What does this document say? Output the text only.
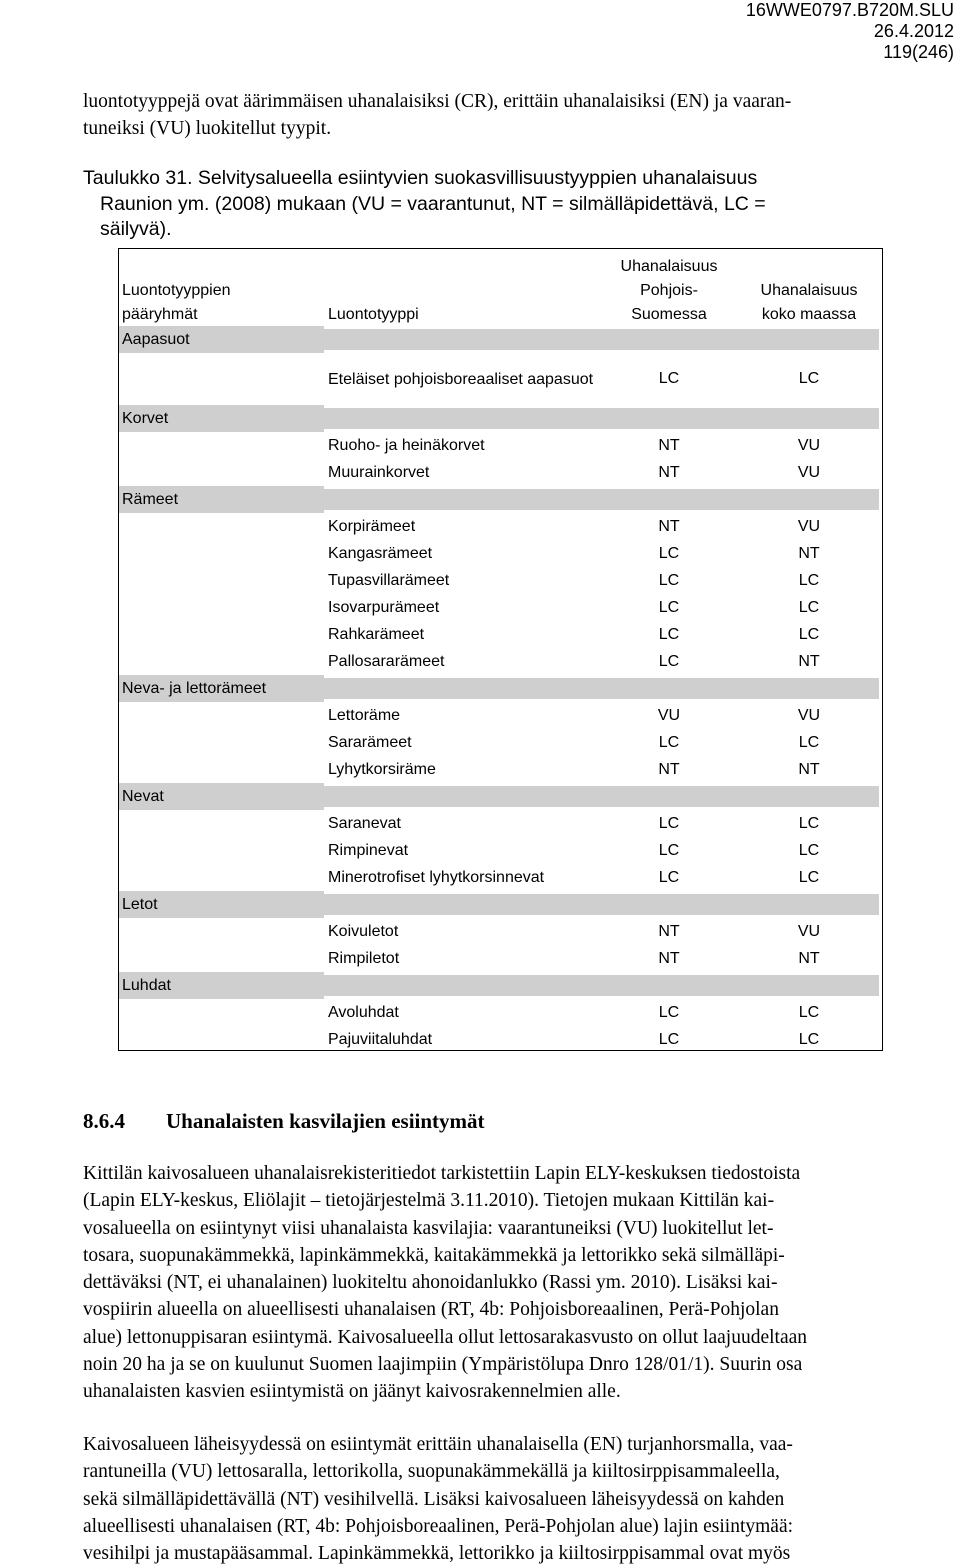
16WWE0797.B720M.SLU
26.4.2012
119(246)
luontotyyppejä ovat äärimmäisen uhanalaisiksi (CR), erittäin uhanalaisiksi (EN) ja vaaran-
tuneiksi (VU) luokitellut tyypit.
Taulukko 31. Selvitysalueella esiintyvien suokasvillisuustyyppien uhanalaisuus
Raunion ym. (2008) mukaan (VU = vaarantunut, NT = silmälläpidettävä, LC =
säilyvä).
Luontotyyppien
pääryhmät	Luontotyyppi
Uhanalaisuus
Pohjois-
Suomessa
Uhanalaisuus
koko maassa
Aapasuot
Eteläiset pohjoisboreaaliset aapasuot	LC	LC
Korvet
Ruoho- ja heinäkorvet	NT	VU
Muurainkorvet	NT	VU
Rämeet
Korpirämeet	NT	VU
Kangasrämeet	LC	NT
Tupasvillarämeet	LC	LC
Isovarpurämeet	LC	LC
Rahkarämeet	LC	LC
Pallosararämeet	LC	NT
Neva- ja lettorämeet
Lettoräme	VU	VU
Sararämeet	LC	LC
Lyhytkorsiräme	NT	NT
Nevat
Saranevat	LC	LC
Rimpinevat	LC	LC
Minerotrofiset lyhytkorsinnevat	LC	LC
Letot
Koivuletot	NT	VU
Rimpiletot	NT	NT
Luhdat
Avoluhdat	LC	LC
Pajuviitaluhdat	LC	LC
8.6.4 Uhanalaisten kasvilajien esiintymät
Kittilän kaivosalueen uhanalaisrekisteritiedot tarkistettiin Lapin ELY-keskuksen tiedostoista
(Lapin ELY-keskus, Eliölajit – tietojärjestelmä 3.11.2010). Tietojen mukaan Kittilän kai-
vosalueella on esiintynyt viisi uhanalaista kasvilajia: vaarantuneiksi (VU) luokitellut let-
tosara, suopunakämmekkä, lapinkämmekkä, kaitakämmekkä ja lettorikko sekä silmälläpi-
dettäväksi (NT, ei uhanalainen) luokiteltu ahonoidanlukko (Rassi ym. 2010). Lisäksi kai-
vospiirin alueella on alueellisesti uhanalaisen (RT, 4b: Pohjoisboreaalinen, Perä-Pohjolan
alue) lettonuppisaran esiintymä. Kaivosalueella ollut lettosarakasvusto on ollut laajuudeltaan
noin 20 ha ja se on kuulunut Suomen laajimpiin (Ympäristölupa Dnro 128/01/1). Suurin osa
uhanalaisten kasvien esiintymistä on jäänyt kaivosrakennelmien alle.
Kaivosalueen läheisyydessä on esiintymät erittäin uhanalaisella (EN) turjanhorsmalla, vaa-
rantuneilla (VU) lettosaralla, lettorikolla, suopunakämmekällä ja kiiltosirppisammaleella,
sekä silmälläpidettävällä (NT) vesihilvellä. Lisäksi kaivosalueen läheisyydessä on kahden
alueellisesti uhanalaisen (RT, 4b: Pohjoisboreaalinen, Perä-Pohjolan alue) lajin esiintymää:
vesihilpi ja mustapääsammal. Lapinkämmekkä, lettorikko ja kiiltosirppisammal ovat myös
